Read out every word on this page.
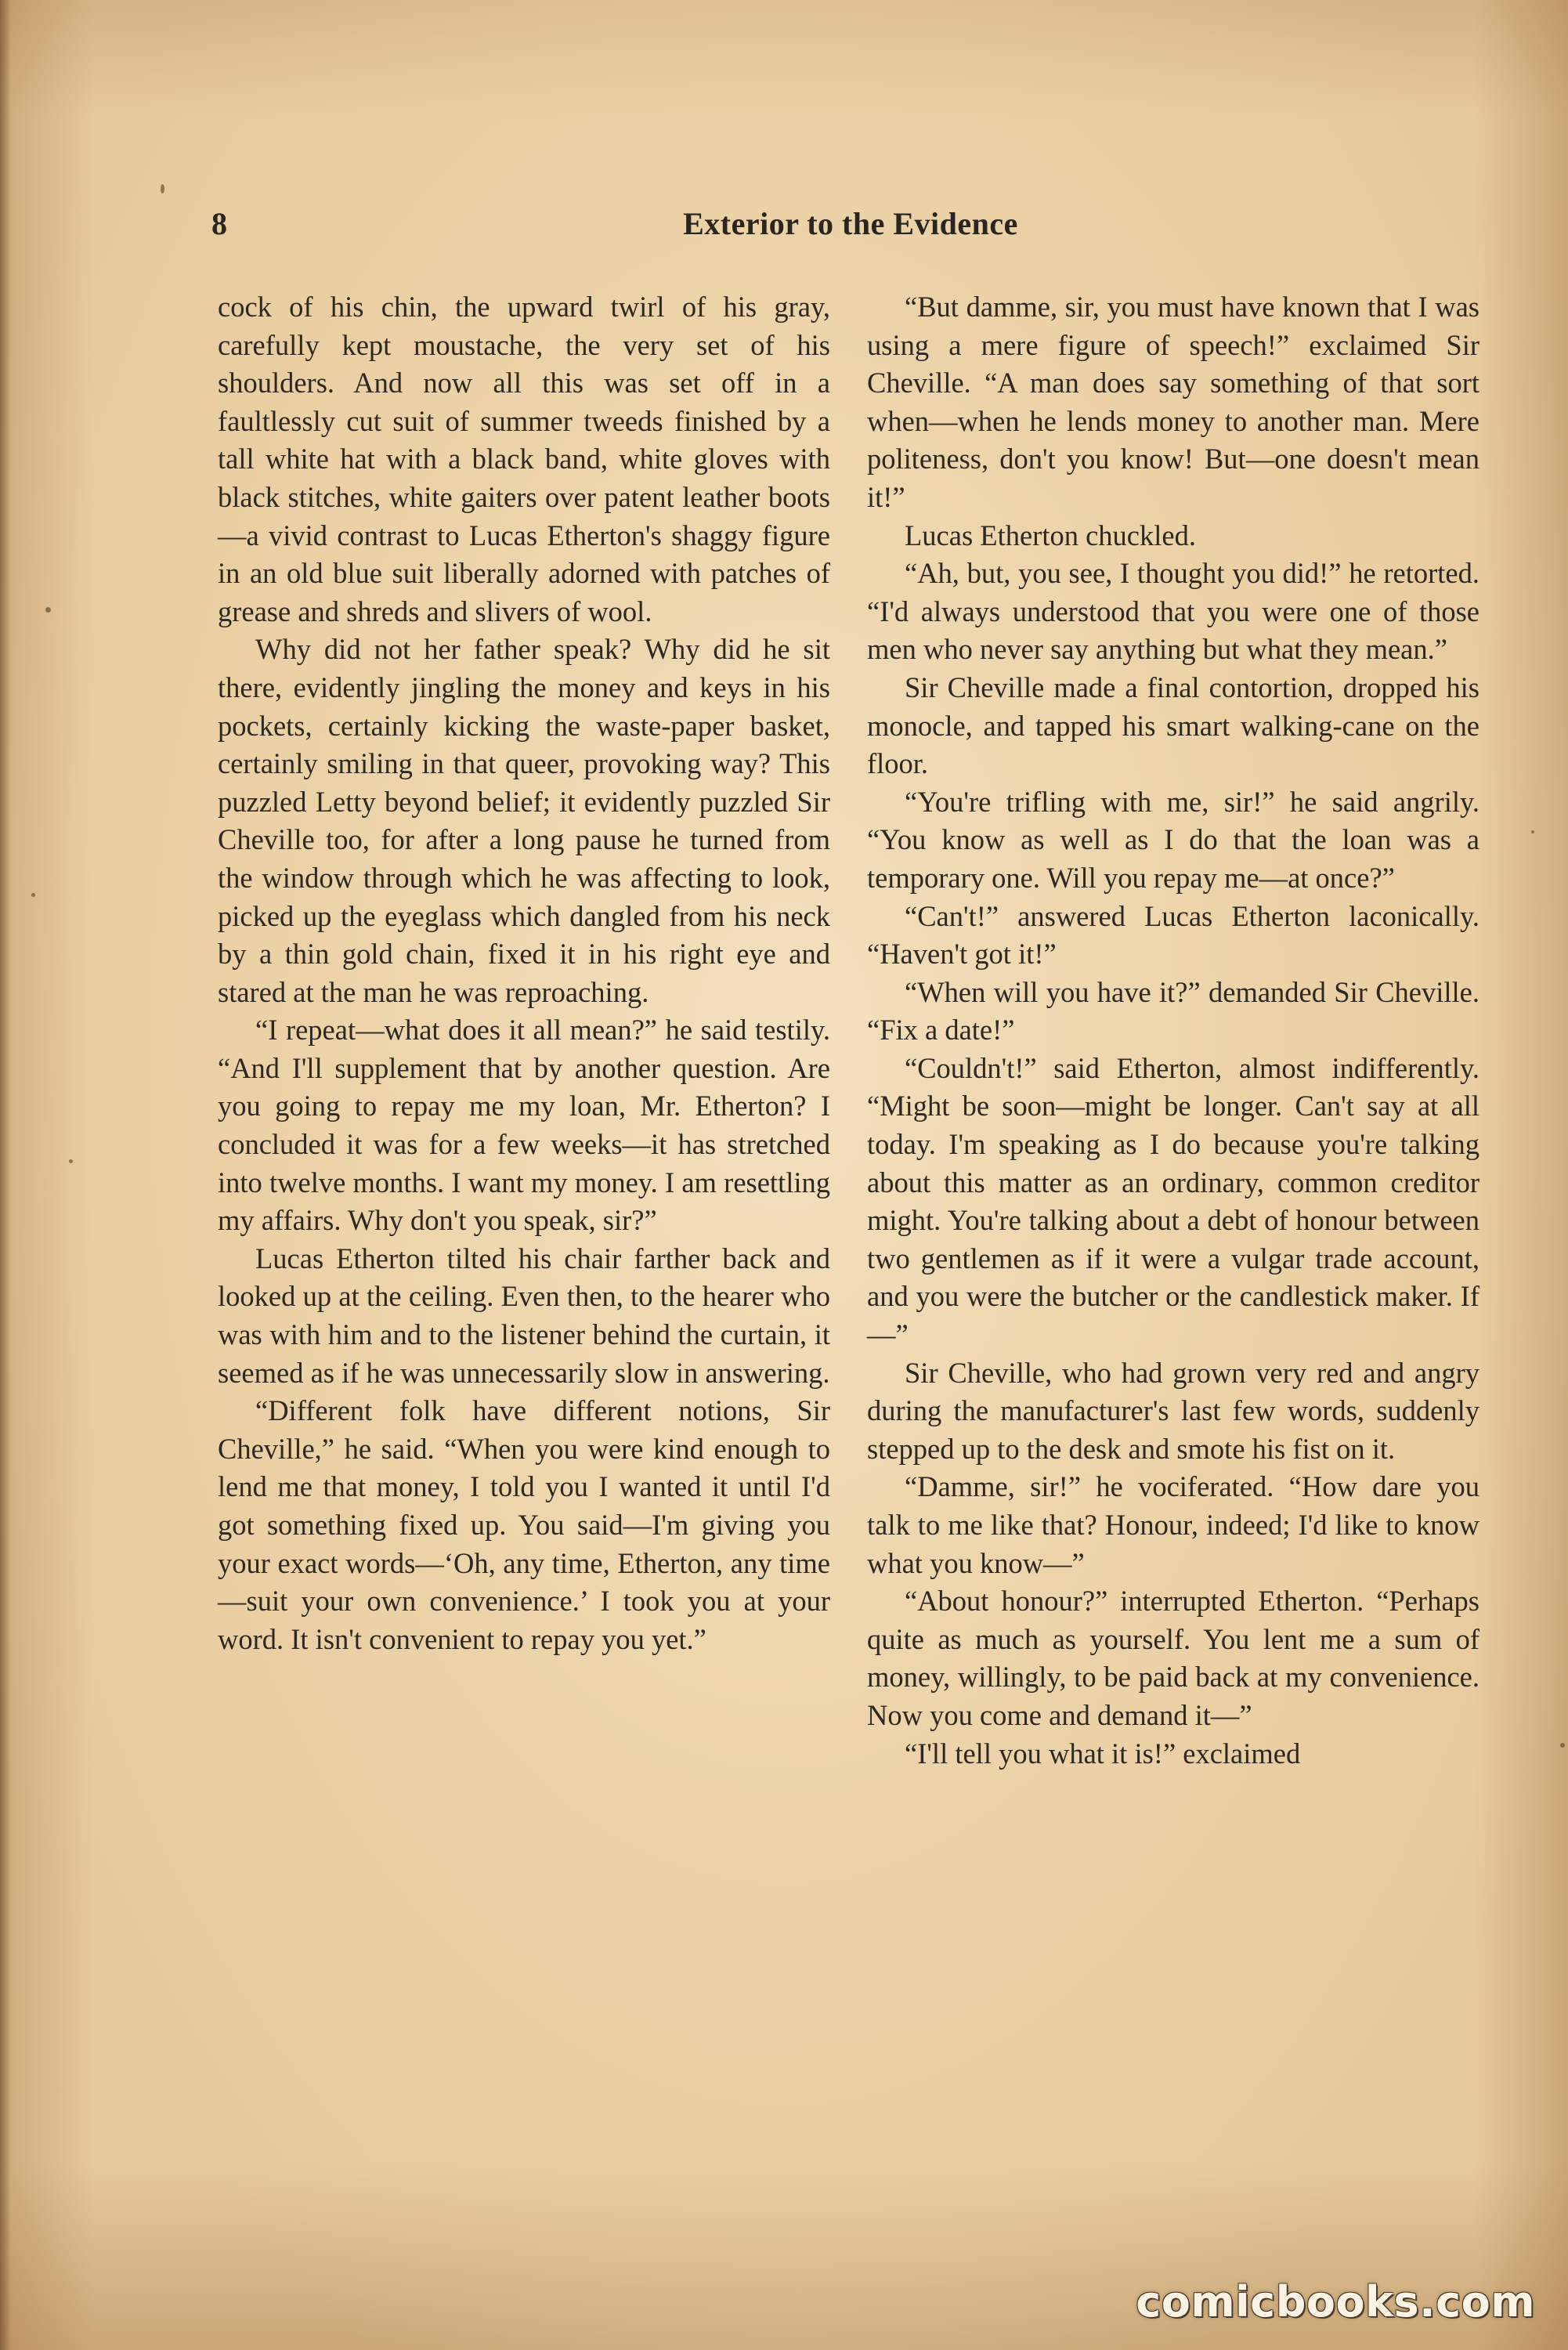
8	Exterior to the Evidence

cock of his chin, the upward twirl of his gray, carefully kept moustache, the very set of his shoulders. And now all this was set off in a faultlessly cut suit of summer tweeds finished by a tall white hat with a black band, white gloves with black stitches, white gaiters over patent leather boots—a vivid contrast to Lucas Etherton's shaggy figure in an old blue suit liberally adorned with patches of grease and shreds and slivers of wool.

Why did not her father speak? Why did he sit there, evidently jingling the money and keys in his pockets, certainly kicking the waste-paper basket, certainly smiling in that queer, provoking way? This puzzled Letty beyond belief; it evidently puzzled Sir Cheville too, for after a long pause he turned from the window through which he was affecting to look, picked up the eyeglass which dangled from his neck by a thin gold chain, fixed it in his right eye and stared at the man he was reproaching.

“I repeat—what does it all mean?” he said testily. “And I'll supplement that by another question. Are you going to repay me my loan, Mr. Etherton? I concluded it was for a few weeks—it has stretched into twelve months. I want my money. I am resettling my affairs. Why don't you speak, sir?”

Lucas Etherton tilted his chair farther back and looked up at the ceiling. Even then, to the hearer who was with him and to the listener behind the curtain, it seemed as if he was unnecessarily slow in answering.

“Different folk have different notions, Sir Cheville,” he said. “When you were kind enough to lend me that money, I told you I wanted it until I'd got something fixed up. You said—I'm giving you your exact words—‘Oh, any time, Etherton, any time—suit your own convenience.’ I took you at your word. It isn't convenient to repay you yet.”

“But damme, sir, you must have known that I was using a mere figure of speech!” exclaimed Sir Cheville. “A man does say something of that sort when—when he lends money to another man. Mere politeness, don't you know! But—one doesn't mean it!”

Lucas Etherton chuckled.

“Ah, but, you see, I thought you did!” he retorted. “I'd always understood that you were one of those men who never say anything but what they mean.”

Sir Cheville made a final contortion, dropped his monocle, and tapped his smart walking-cane on the floor.

“You're trifling with me, sir!” he said angrily. “You know as well as I do that the loan was a temporary one. Will you repay me—at once?”

“Can't!” answered Lucas Etherton laconically. “Haven't got it!”

“When will you have it?” demanded Sir Cheville. “Fix a date!”

“Couldn't!” said Etherton, almost indifferently. “Might be soon—might be longer. Can't say at all today. I'm speaking as I do because you're talking about this matter as an ordinary, common creditor might. You're talking about a debt of honour between two gentlemen as if it were a vulgar trade account, and you were the butcher or the candlestick maker. If—”

Sir Cheville, who had grown very red and angry during the manufacturer's last few words, suddenly stepped up to the desk and smote his fist on it.

“Damme, sir!” he vociferated. “How dare you talk to me like that? Honour, indeed; I'd like to know what you know—”

“About honour?” interrupted Etherton. “Perhaps quite as much as yourself. You lent me a sum of money, willingly, to be paid back at my convenience. Now you come and demand it—”

“I'll tell you what it is!” exclaimed

comicbooks.com
